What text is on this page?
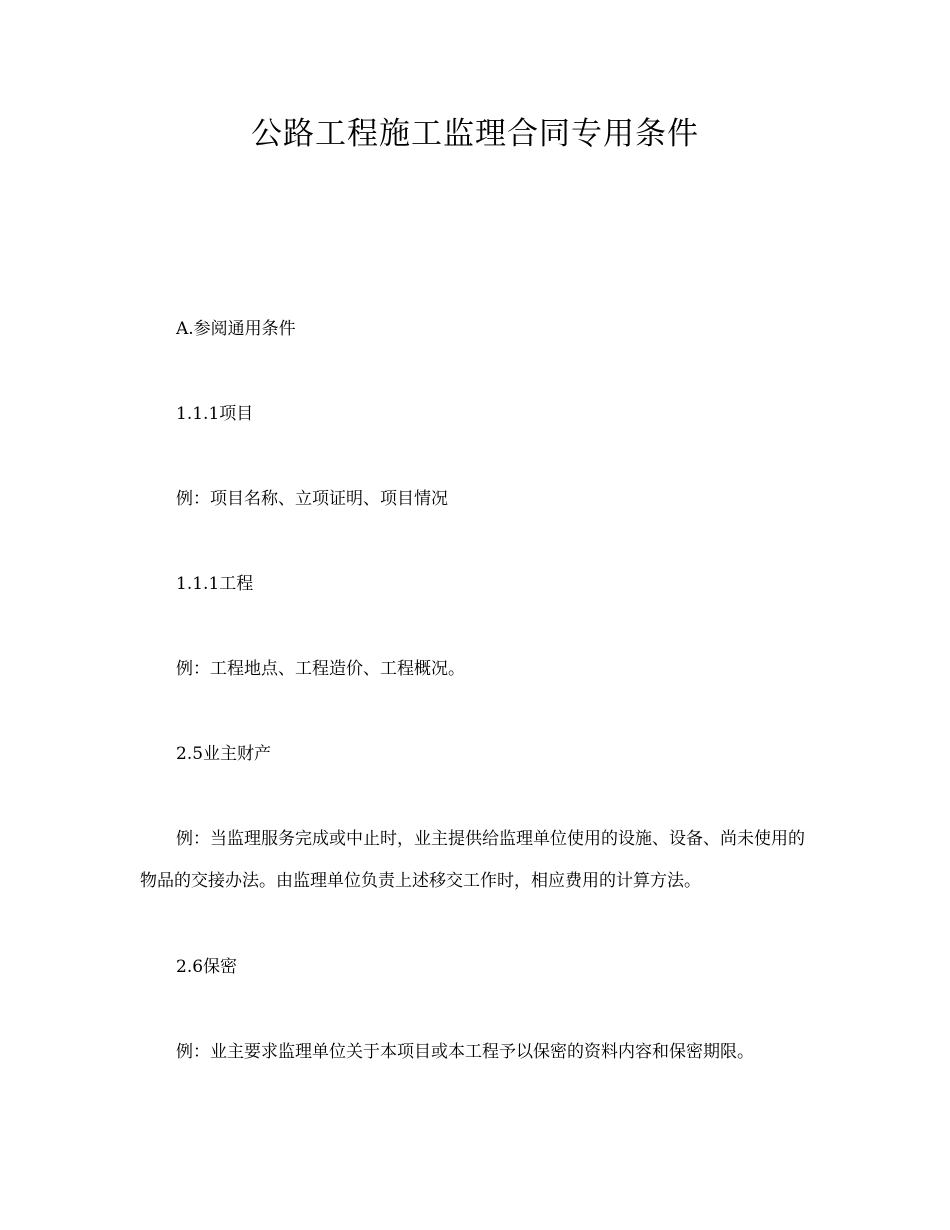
公路工程施工监理合同专用条件

A.参阅通用条件

1.1.1项目

例：项目名称、立项证明、项目情况

1.1.1工程

例：工程地点、工程造价、工程概况。

2.5业主财产

例：当监理服务完成或中止时，业主提供给监理单位使用的设施、设备、尚未使用的物品的交接办法。由监理单位负责上述移交工作时，相应费用的计算方法。

2.6保密

例：业主要求监理单位关于本项目或本工程予以保密的资料内容和保密期限。
